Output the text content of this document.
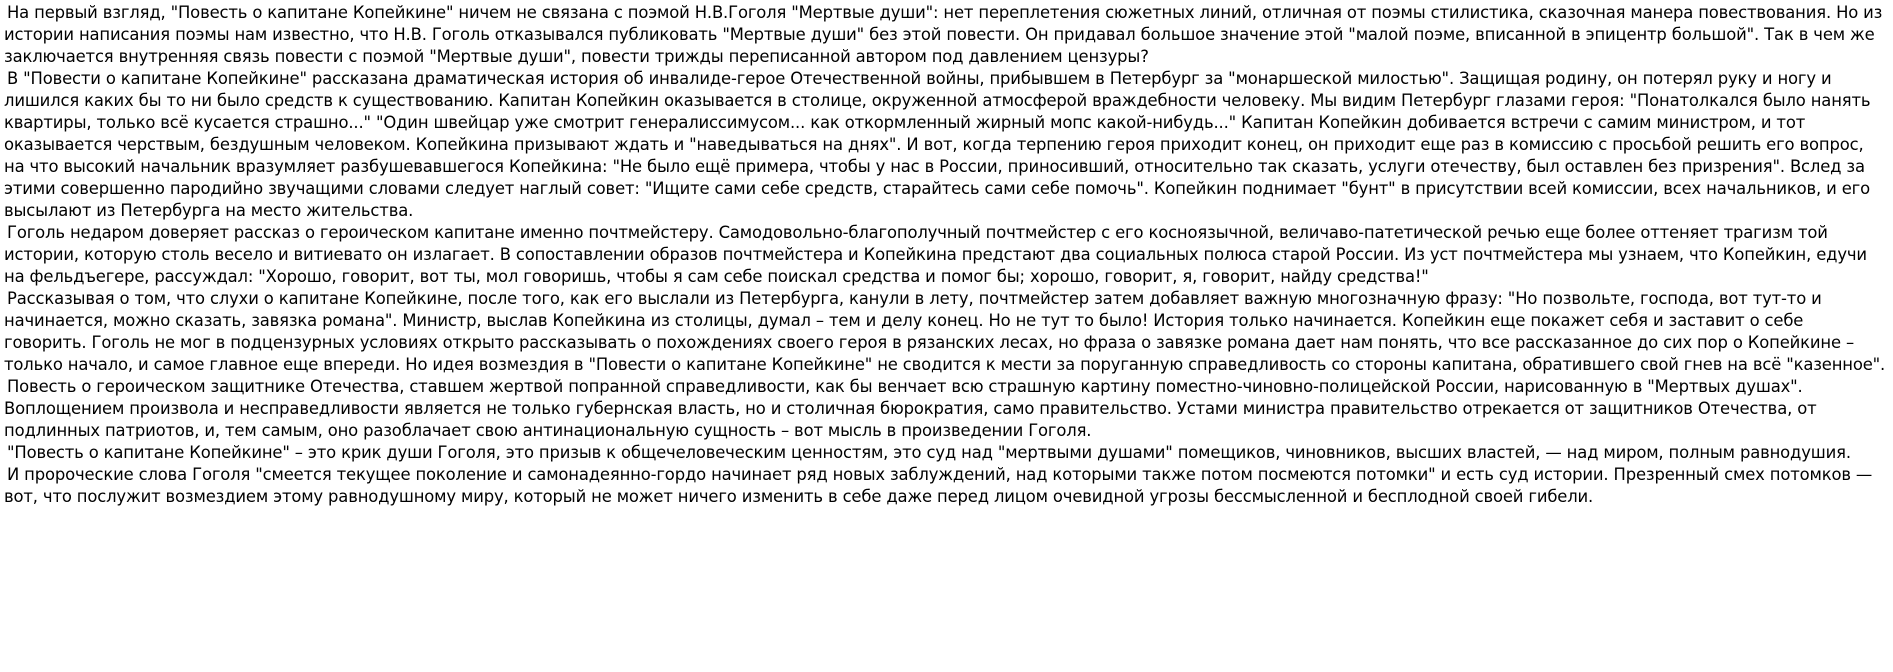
На первый взгляд, "Повесть о капитане Копейкине" ничем не связана с поэмой Н.В.Гоголя "Мертвые души": нет переплетения сюжетных линий, отличная от поэмы стилистика, сказочная манера повествования. Но из истории написания поэмы нам известно, что Н.В. Гоголь отказывался публиковать "Мертвые души" без этой повести. Он придавал большое значение этой "малой поэме, вписанной в эпицентр большой". Так в чем же заключается внутренняя связь повести с поэмой "Мертвые души", повести трижды переписанной автором под давлением цензуры?

В "Повести о капитане Копейкине" рассказана драматическая история об инвалиде-герое Отечественной войны, прибывшем в Петербург за "монаршеской милостью". Защищая родину, он потерял руку и ногу и лишился каких бы то ни было средств к существованию. Капитан Копейкин оказывается в столице, окруженной атмосферой враждебности человеку. Мы видим Петербург глазами героя: "Понатолкался было нанять квартиры, только всё кусается страшно..." "Один швейцар уже смотрит генералиссимусом... как откормленный жирный мопс какой-нибудь..." Капитан Копейкин добивается встречи с самим министром, и тот оказывается черствым, бездушным человеком. Копейкина призывают ждать и "наведываться на днях". И вот, когда терпению героя приходит конец, он приходит еще раз в комиссию с просьбой решить его вопрос, на что высокий начальник вразумляет разбушевавшегося Копейкина: "Не было ещё примера, чтобы у нас в России, приносивший, относительно так сказать, услуги отечеству, был оставлен без призрения". Вслед за этими совершенно пародийно звучащими словами следует наглый совет: "Ищите сами себе средств, старайтесь сами себе помочь". Копейкин поднимает "бунт" в присутствии всей комиссии, всех начальников, и его высылают из Петербурга на место жительства.

Гоголь недаром доверяет рассказ о героическом капитане именно почтмейстеру. Самодовольно-благополучный почтмейстер с его косноязычной, величаво-патетической речью еще более оттеняет трагизм той истории, которую столь весело и витиевато он излагает. В сопоставлении образов почтмейстера и Копейкина предстают два социальных полюса старой России. Из уст почтмейстера мы узнаем, что Копейкин, едучи на фельдъегере, рассуждал: "Хорошо, говорит, вот ты, мол говоришь, чтобы я сам себе поискал средства и помог бы; хорошо, говорит, я, говорит, найду средства!"

Рассказывая о том, что слухи о капитане Копейкине, после того, как его выслали из Петербурга, канули в лету, почтмейстер затем добавляет важную многозначную фразу: "Но позвольте, господа, вот тут-то и начинается, можно сказать, завязка романа". Министр, выслав Копейкина из столицы, думал – тем и делу конец. Но не тут то было! История только начинается. Копейкин еще покажет себя и заставит о себе говорить. Гоголь не мог в подцензурных условиях открыто рассказывать о похождениях своего героя в рязанских лесах, но фраза о завязке романа дает нам понять, что все рассказанное до сих пор о Копейкине – только начало, и самое главное еще впереди. Но идея возмездия в "Повести о капитане Копейкине" не сводится к мести за поруганную справедливость со стороны капитана, обратившего свой гнев на всё "казенное".

Повесть о героическом защитнике Отечества, ставшем жертвой попранной справедливости, как бы венчает всю страшную картину поместно-чиновно-полицейской России, нарисованную в "Мертвых душах". Воплощением произвола и несправедливости является не только губернская власть, но и столичная бюрократия, само правительство. Устами министра правительство отрекается от защитников Отечества, от подлинных патриотов, и, тем самым, оно разоблачает свою антинациональную сущность – вот мысль в произведении Гоголя.

"Повесть о капитане Копейкине" – это крик души Гоголя, это призыв к общечеловеческим ценностям, это суд над "мертвыми душами" помещиков, чиновников, высших властей, — над миром, полным равнодушия.

И пророческие слова Гоголя "смеется текущее поколение и самонадеянно-гордо начинает ряд новых заблуждений, над которыми также потом посмеются потомки" и есть суд истории. Презренный смех потомков — вот, что послужит возмездием этому равнодушному миру, который не может ничего изменить в себе даже перед лицом очевидной угрозы бессмысленной и бесплодной своей гибели.
